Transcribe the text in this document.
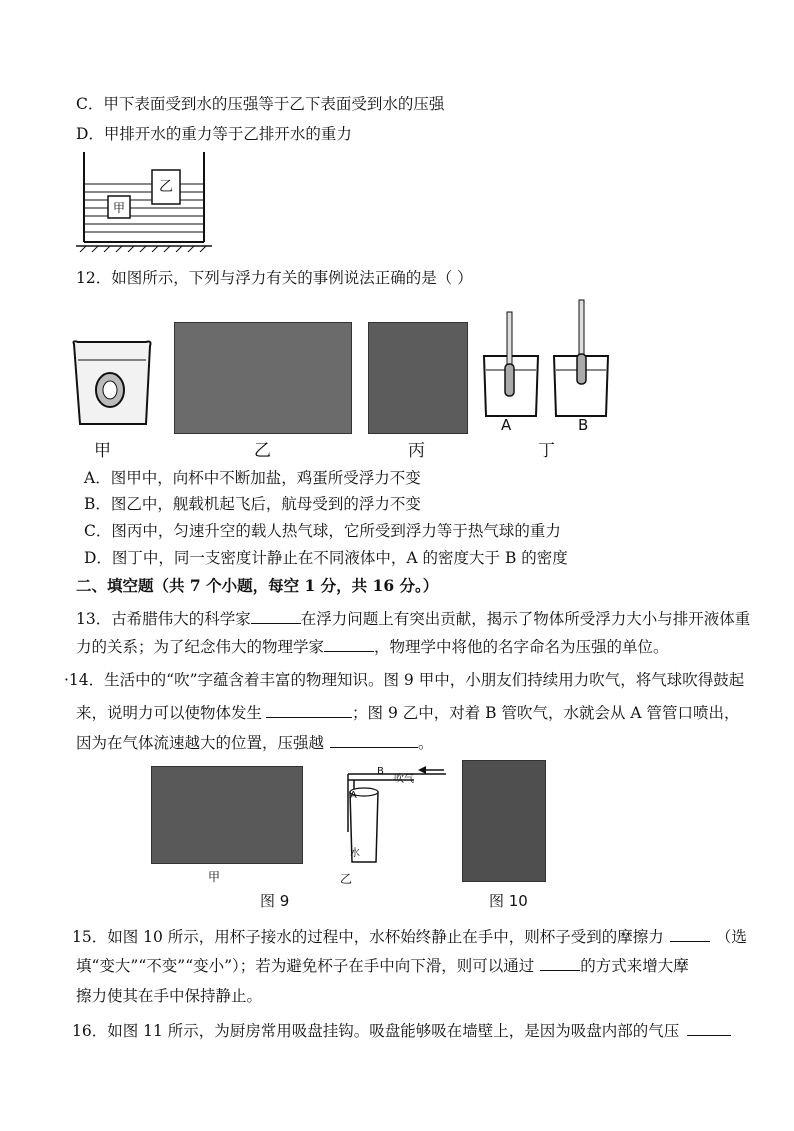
C．甲下表面受到水的压强等于乙下表面受到水的压强
D．甲排开水的重力等于乙排开水的重力
乙
甲
12．如图所示，下列与浮力有关的事例说法正确的是（ ）
A	B
甲	乙	丙	丁
A．图甲中，向杯中不断加盐，鸡蛋所受浮力不变
B．图乙中，舰载机起飞后，航母受到的浮力不变
C．图丙中，匀速升空的载人热气球，它所受到浮力等于热气球的重力
D．图丁中，同一支密度计静止在不同液体中，A 的密度大于 B 的密度
二、填空题（共 7 个小题，每空 1 分，共 16 分。）
13．古希腊伟大的科学家	在浮力问题上有突出贡献，揭示了物体所受浮力大小与排开液体重
力的关系；为了纪念伟大的物理学家	，物理学中将他的名字命名为压强的单位。
·14．生活中的“吹”字蕴含着丰富的物理知识。图 9 甲中，小朋友们持续用力吹气，将气球吹得鼓起
来，说明力可以使物体发生	；图 9 乙中，对着 B 管吹气，水就会从 A 管管口喷出，
因为在气体流速越大的位置，压强越	。
甲
B
A
吹气
水
乙
图 9	图 10
15．如图 10 所示，用杯子接水的过程中，水杯始终静止在手中，则杯子受到的摩擦力	（选
填“变大”“不变”“变小”）；若为避免杯子在手中向下滑，则可以通过	的方式来增大摩
擦力使其在手中保持静止。
16．如图 11 所示，为厨房常用吸盘挂钩。吸盘能够吸在墙壁上，是因为吸盘内部的气压
